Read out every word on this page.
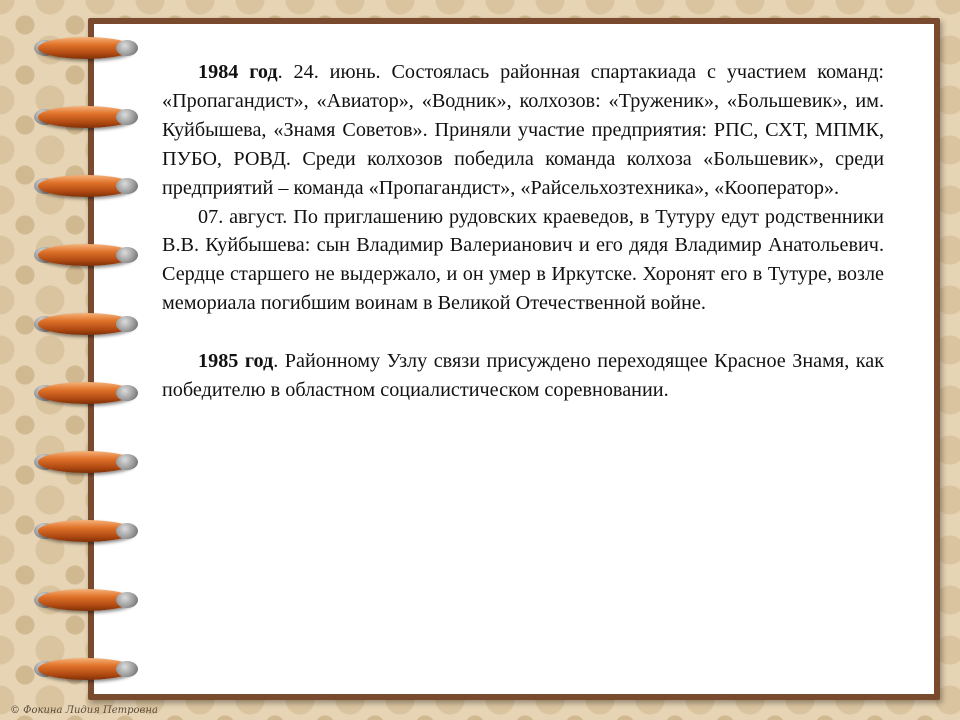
1984 год. 24. июнь. Состоялась районная спартакиада с участием команд: «Пропагандист», «Авиатор», «Водник», колхозов: «Труженик», «Большевик», им. Куйбышева, «Знамя Советов». Приняли участие предприятия: РПС, СХТ, МПМК, ПУБО, РОВД. Среди колхозов победила команда колхоза «Большевик», среди предприятий – команда «Пропагандист», «Райсельхозтехника», «Кооператор».

07. август. По приглашению рудовских краеведов, в Тутуру едут родственники В.В. Куйбышева: сын Владимир Валерианович и его дядя Владимир Анатольевич. Сердце старшего не выдержало, и он умер в Иркутске. Хоронят его в Тутуре, возле мемориала погибшим воинам в Великой Отечественной войне.

1985 год. Районному Узлу связи присуждено переходящее Красное Знамя, как победителю в областном социалистическом соревновании.

© Фокина Лидия Петровна
